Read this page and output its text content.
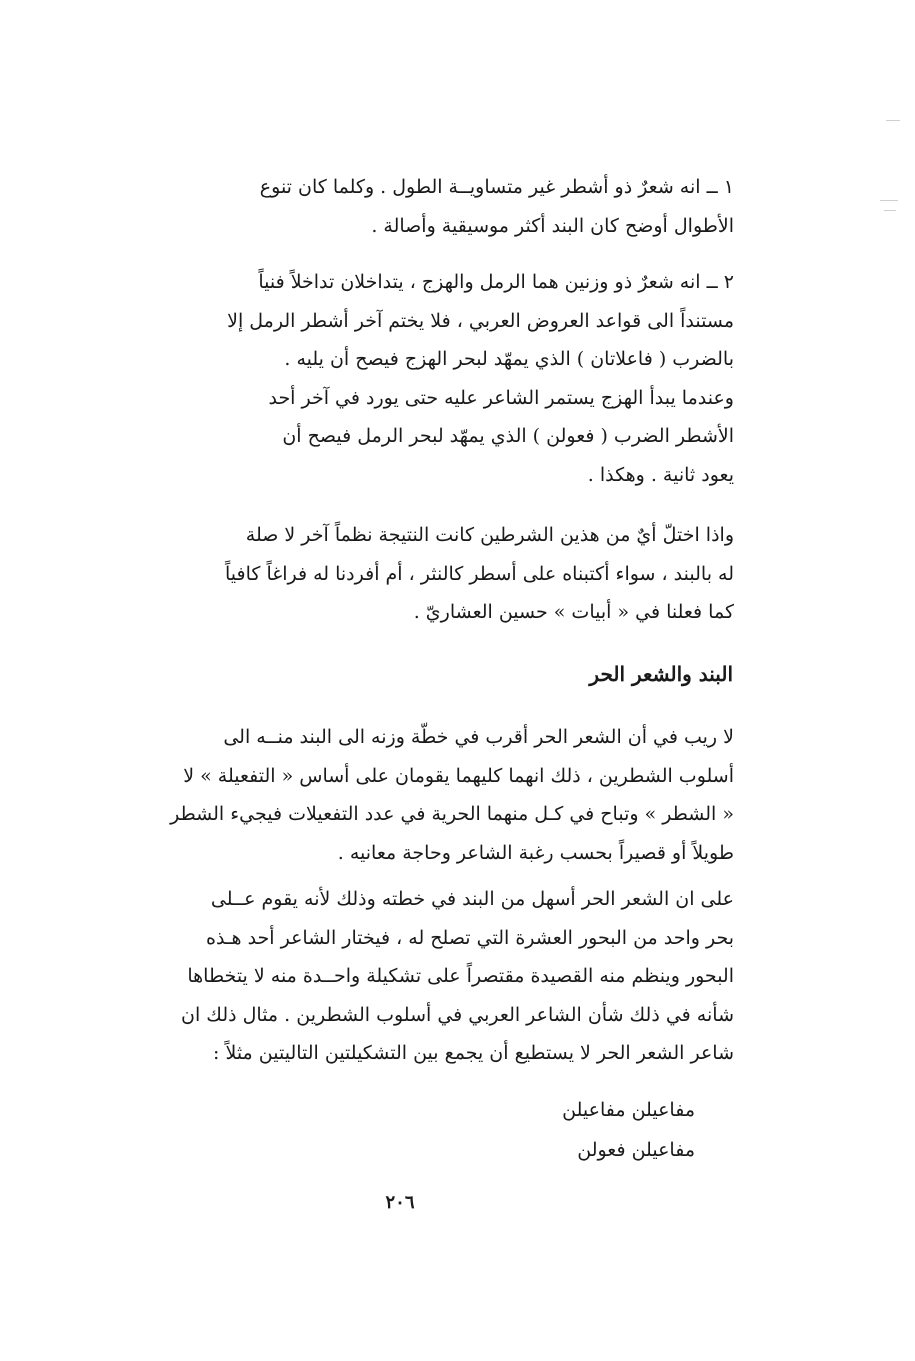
١ ــ انه شعرٌ ذو أشطر غير متساويــة الطول . وكلما كان تنوع
الأطوال أوضح كان البند أكثر موسيقية وأصالة .
٢ ــ انه شعرٌ ذو وزنين هما الرمل والهزج ، يتداخلان تداخلاً فنياً
مستنداً الى قواعد العروض العربي ، فلا يختم آخر أشطر الرمل إلا
بالضرب ( فاعلاتان ) الذي يمهّد لبحر الهزج فيصح أن يليه .
وعندما يبدأ الهزج يستمر الشاعر عليه حتى يورد في آخر أحد
الأشطر الضرب ( فعولن ) الذي يمهّد لبحر الرمل فيصح أن
يعود ثانية . وهكذا .
واذا اختلّ أيٌ من هذين الشرطين كانت النتيجة نظماً آخر لا صلة
له بالبند ، سواء أكتبناه على أسطر كالنثر ، أم أفردنا له فراغاً كافياً
كما فعلنا في « أبيات » حسين العشاريّ .
البند والشعر الحر
لا ريب في أن الشعر الحر أقرب في خطّة وزنه الى البند منــه الى
أسلوب الشطرين ، ذلك انهما كليهما يقومان على أساس « التفعيلة » لا
« الشطر » وتباح في كـل منهما الحرية في عدد التفعيلات فيجيء الشطر
طويلاً أو قصيراً بحسب رغبة الشاعر وحاجة معانيه .
على ان الشعر الحر أسهل من البند في خطته وذلك لأنه يقوم عــلى
بحر واحد من البحور العشرة التي تصلح له ، فيختار الشاعر أحد هـذه
البحور وينظم منه القصيدة مقتصراً على تشكيلة واحــدة منه لا يتخطاها
شأنه في ذلك شأن الشاعر العربي في أسلوب الشطرين . مثال ذلك ان
شاعر الشعر الحر لا يستطيع أن يجمع بين التشكيلتين التاليتين مثلاً :
مفاعيلن مفاعيلن
مفاعيلن فعولن
٢٠٦
